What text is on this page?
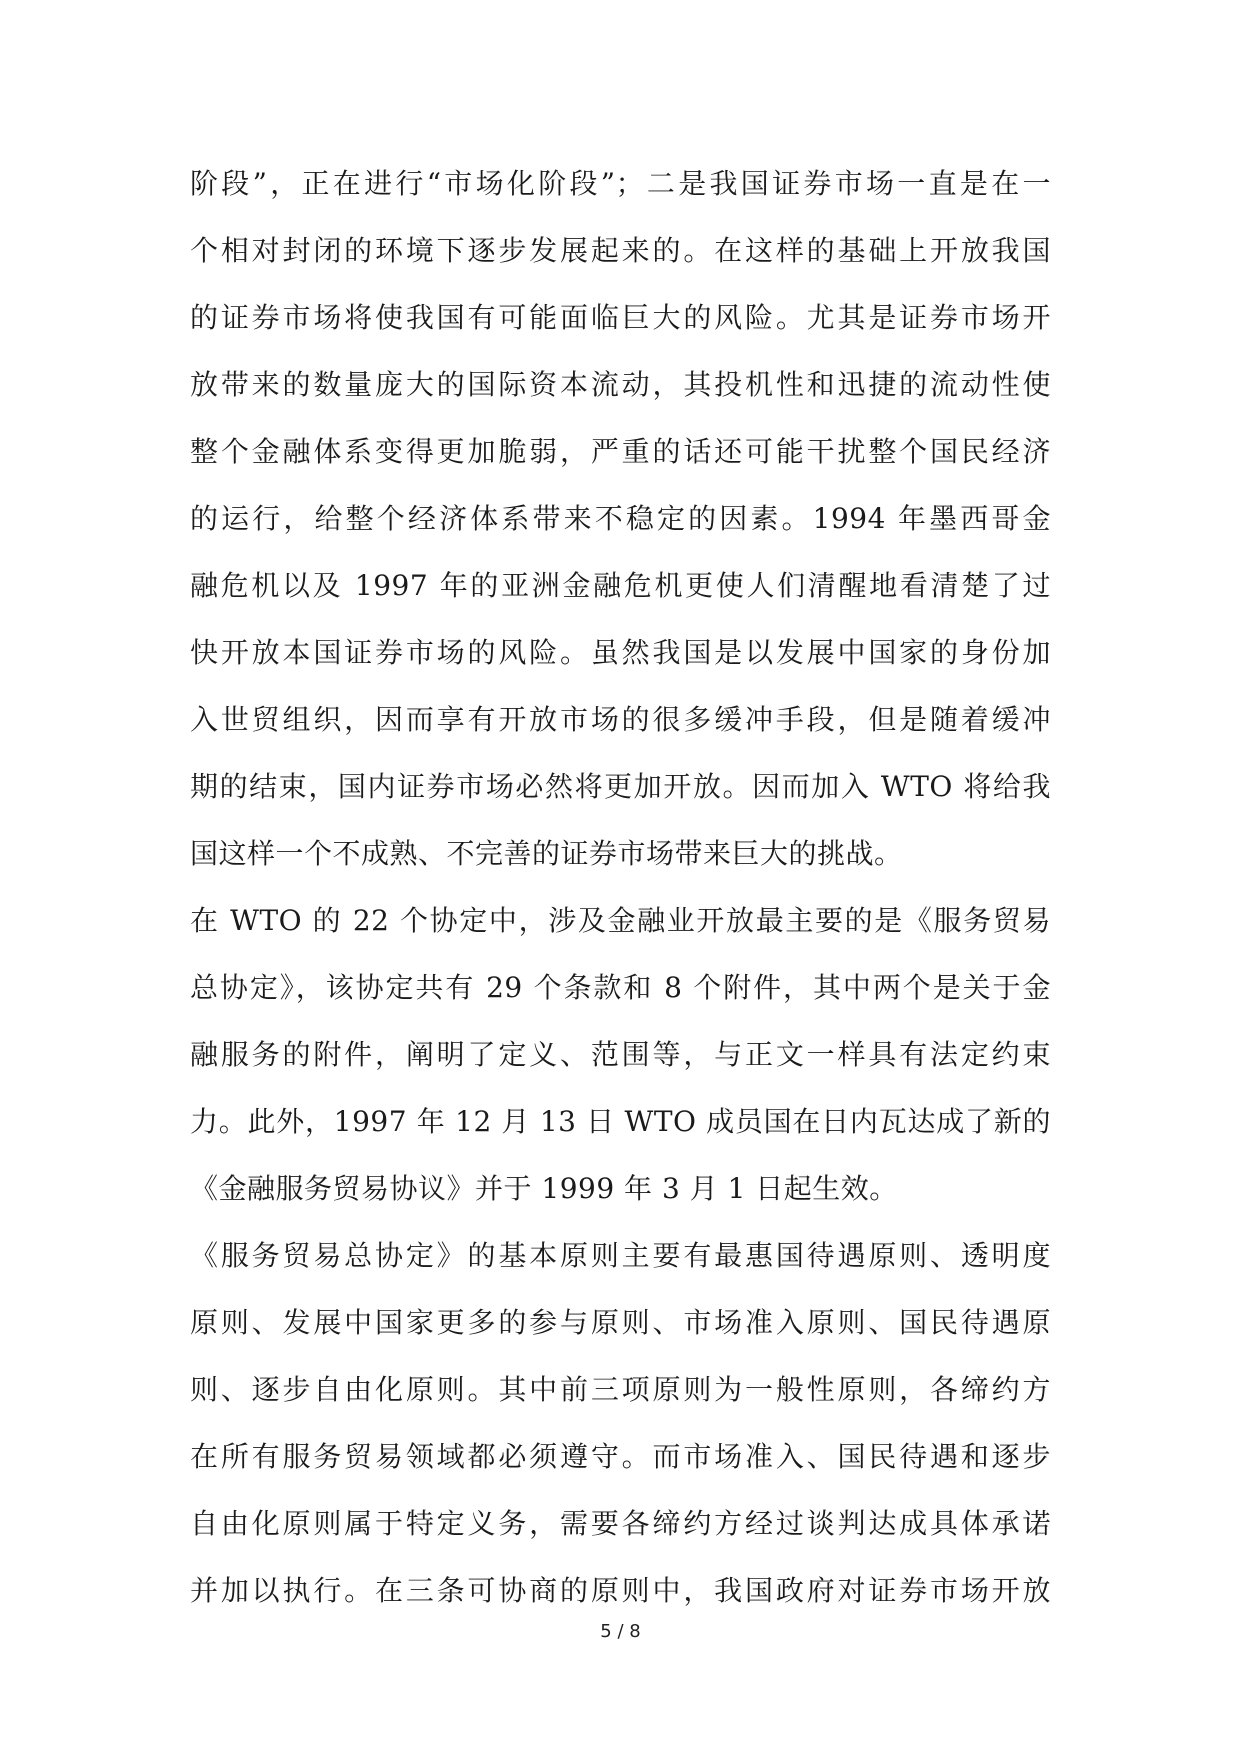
阶段”，正在进行“市场化阶段”；二是我国证券市场一直是在一
个相对封闭的环境下逐步发展起来的。在这样的基础上开放我国
的证券市场将使我国有可能面临巨大的风险。尤其是证券市场开
放带来的数量庞大的国际资本流动，其投机性和迅捷的流动性使
整个金融体系变得更加脆弱，严重的话还可能干扰整个国民经济
的运行，给整个经济体系带来不稳定的因素。1994 年墨西哥金
融危机以及 1997 年的亚洲金融危机更使人们清醒地看清楚了过
快开放本国证券市场的风险。虽然我国是以发展中国家的身份加
入世贸组织，因而享有开放市场的很多缓冲手段，但是随着缓冲
期的结束，国内证券市场必然将更加开放。因而加入 WTO 将给我
国这样一个不成熟、不完善的证券市场带来巨大的挑战。
在 WTO 的 22 个协定中，涉及金融业开放最主要的是《服务贸易
总协定》，该协定共有 29 个条款和 8 个附件，其中两个是关于金
融服务的附件，阐明了定义、范围等，与正文一样具有法定约束
力。此外，1997 年 12 月 13 日 WTO 成员国在日内瓦达成了新的
《金融服务贸易协议》并于 1999 年 3 月 1 日起生效。
《服务贸易总协定》的基本原则主要有最惠国待遇原则、透明度
原则、发展中国家更多的参与原则、市场准入原则、国民待遇原
则、逐步自由化原则。其中前三项原则为一般性原则，各缔约方
在所有服务贸易领域都必须遵守。而市场准入、国民待遇和逐步
自由化原则属于特定义务，需要各缔约方经过谈判达成具体承诺
并加以执行。在三条可协商的原则中，我国政府对证券市场开放
5 / 8
